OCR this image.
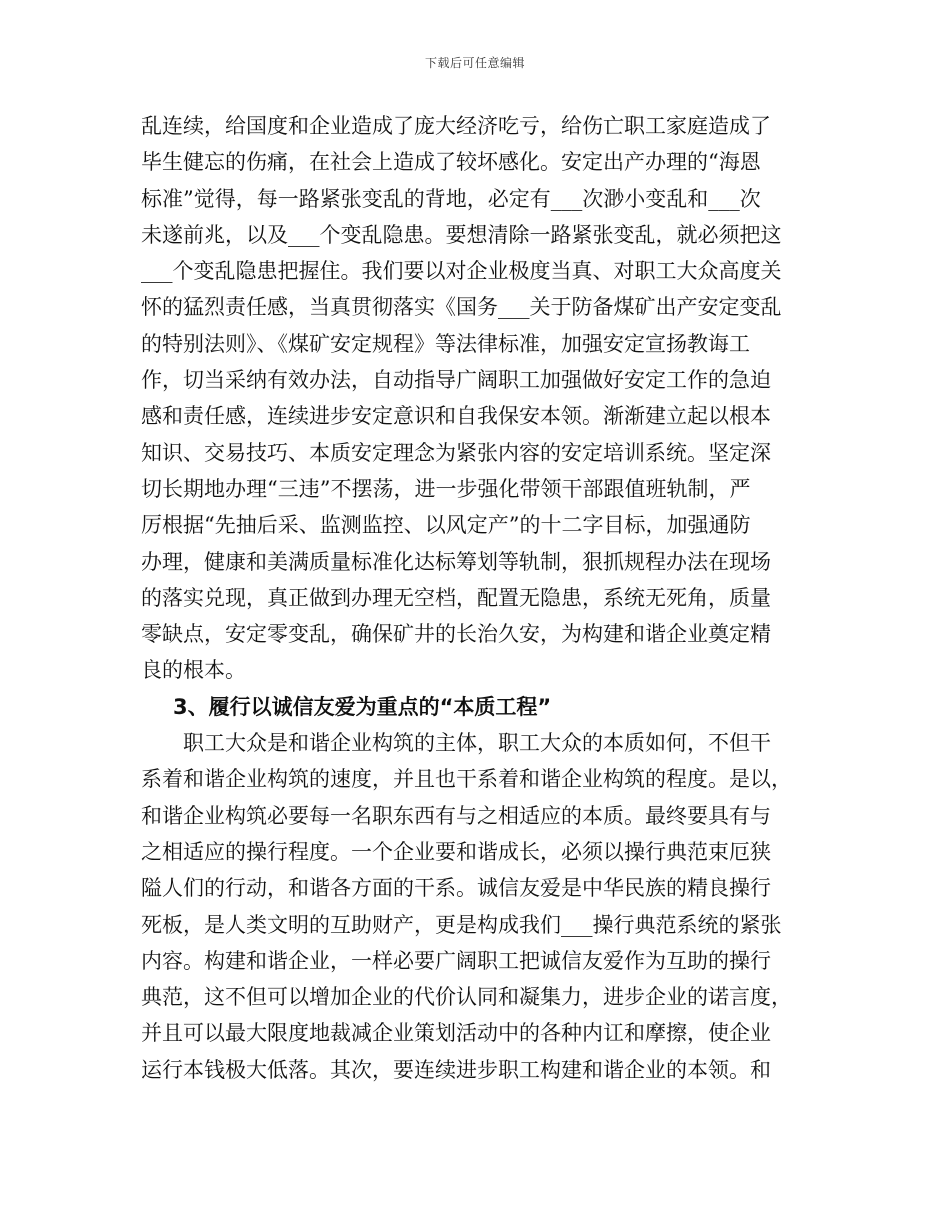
下载后可任意编辑
乱连续，给国度和企业造成了庞大经济吃亏，给伤亡职工家庭造成了
毕生健忘的伤痛，在社会上造成了较坏感化。安定出产办理的“海恩
标准”觉得，每一路紧张变乱的背地，必定有___次渺小变乱和___次
未遂前兆，以及___个变乱隐患。要想清除一路紧张变乱，就必须把这
___个变乱隐患把握住。我们要以对企业极度当真、对职工大众高度关
怀的猛烈责任感，当真贯彻落实《国务___关于防备煤矿出产安定变乱
的特别法则》、《煤矿安定规程》等法律标准，加强安定宣扬教诲工
作，切当采纳有效办法，自动指导广阔职工加强做好安定工作的急迫
感和责任感，连续进步安定意识和自我保安本领。渐渐建立起以根本
知识、交易技巧、本质安定理念为紧张内容的安定培训系统。坚定深
切长期地办理“三违”不摆荡，进一步强化带领干部跟值班轨制，严
厉根据“先抽后采、监测监控、以风定产”的十二字目标，加强通防
办理，健康和美满质量标准化达标筹划等轨制，狠抓规程办法在现场
的落实兑现，真正做到办理无空档，配置无隐患，系统无死角，质量
零缺点，安定零变乱，确保矿井的长治久安，为构建和谐企业奠定精
良的根本。
3、履行以诚信友爱为重点的“本质工程”
职工大众是和谐企业构筑的主体，职工大众的本质如何，不但干
系着和谐企业构筑的速度，并且也干系着和谐企业构筑的程度。是以，
和谐企业构筑必要每一名职东西有与之相适应的本质。最终要具有与
之相适应的操行程度。一个企业要和谐成长，必须以操行典范束厄狭
隘人们的行动，和谐各方面的干系。诚信友爱是中华民族的精良操行
死板，是人类文明的互助财产，更是构成我们___操行典范系统的紧张
内容。构建和谐企业，一样必要广阔职工把诚信友爱作为互助的操行
典范，这不但可以增加企业的代价认同和凝集力，进步企业的诺言度，
并且可以最大限度地裁减企业策划活动中的各种内讧和摩擦，使企业
运行本钱极大低落。其次，要连续进步职工构建和谐企业的本领。和
